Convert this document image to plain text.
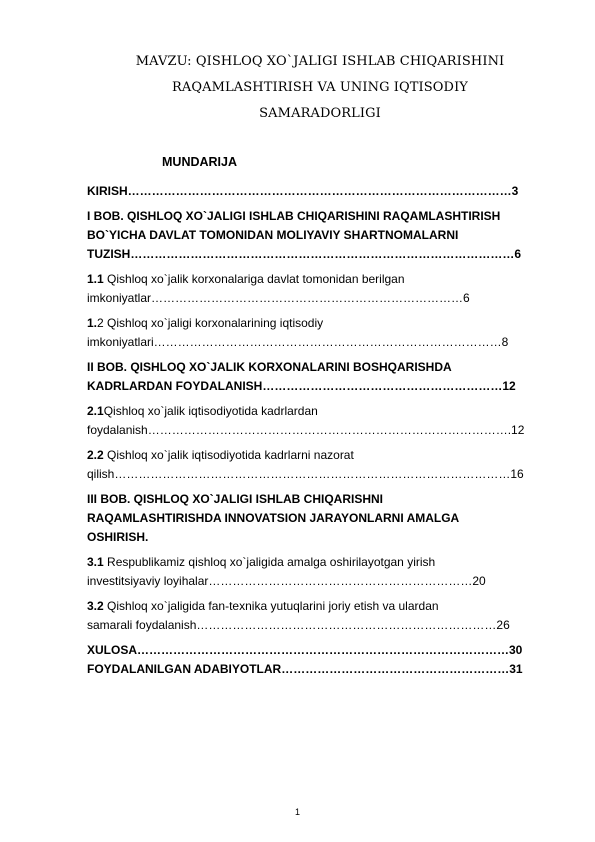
MAVZU: QISHLOQ XO`JALIGI ISHLAB CHIQARISHINI
RAQAMLASHTIRISH VA UNING IQTISODIY
SAMARADORLIGI
MUNDARIJA
KIRISH……………………………………………………………………………………3
I BOB. QISHLOQ XO`JALIGI ISHLAB CHIQARISHINI RAQAMLASHTIRISH
BO`YICHA DAVLAT TOMONIDAN MOLIYAVIY SHARTNOMALARNI
TUZISH……………………………………………………………………………………6
1.1 Qishloq xo`jalik korxonalariga davlat tomonidan berilgan
imkoniyatlar……………………………………………………………………6
1.2 Qishloq xo`jaligi korxonalarining iqtisodiy
imkoniyatlari……………………………………………………………………………8
II BOB. QISHLOQ XO`JALIK KORXONALARINI BOSHQARISHDA
KADRLARDAN FOYDALANISH……………………………………………………12
2.1Qishloq xo`jalik iqtisodiyotida kadrlardan
foydalanish……………………………………………………………………………….12
2.2 Qishloq xo`jalik iqtisodiyotida kadrlarni nazorat
qilish………………………………………………………………………………………16
III BOB. QISHLOQ XO`JALIGI ISHLAB CHIQARISHNI
RAQAMLASHTIRISHDA INNOVATSION JARAYONLARNI AMALGA
OSHIRISH.
3.1 Respublikamiz qishloq xo`jaligida amalga oshirilayotgan yirish
investitsiyaviy loyihalar…………………………………………………………20
3.2 Qishloq xo`jaligida fan-texnika yutuqlarini joriy etish va ulardan
samarali foydalanish…………………………………………………………………26
XULOSA…………………………………………………………………………………30
FOYDALANILGAN ADABIYOTLAR…………………………………………………31
1
